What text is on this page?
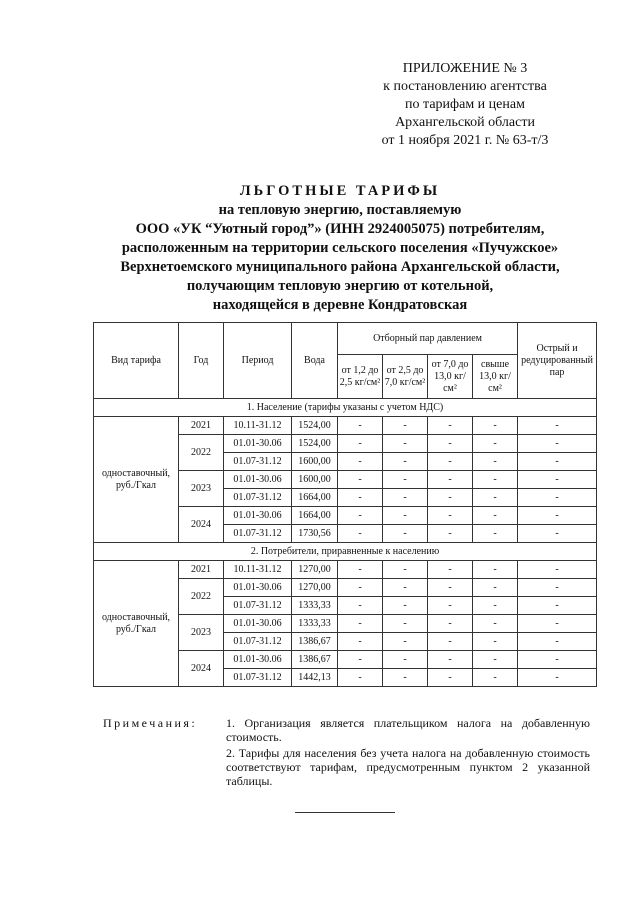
ПРИЛОЖЕНИЕ № 3
к постановлению агентства
по тарифам и ценам
Архангельской области
от 1 ноября 2021 г. № 63-т/3
ЛЬГОТНЫЕ ТАРИФЫ
на тепловую энергию, поставляемую
ООО «УК “Уютный город”» (ИНН 2924005075) потребителям,
расположенным на территории сельского поселения «Пучужское»
Верхнетоемского муниципального района Архангельской области,
получающим тепловую энергию от котельной,
находящейся в деревне Кондратовская
Вид тарифа	Год	Период	Вода	Отборный пар давлением				Острый и редуцированный пар
				от 1,2 до 2,5 кг/см²	от 2,5 до 7,0 кг/см²	от 7,0 до 13,0 кг/см²	свыше 13,0 кг/см²	
1. Население (тарифы указаны с учетом НДС)								
одноставочный, руб./Гкал	2021	10.11-31.12	1524,00	-	-	-	-	-
	2022	01.01-30.06	1524,00	-	-	-	-	-
		01.07-31.12	1600,00	-	-	-	-	-
	2023	01.01-30.06	1600,00	-	-	-	-	-
		01.07-31.12	1664,00	-	-	-	-	-
	2024	01.01-30.06	1664,00	-	-	-	-	-
		01.07-31.12	1730,56	-	-	-	-	-
2. Потребители, приравненные к населению								
одноставочный, руб./Гкал	2021	10.11-31.12	1270,00	-	-	-	-	-
	2022	01.01-30.06	1270,00	-	-	-	-	-
		01.07-31.12	1333,33	-	-	-	-	-
	2023	01.01-30.06	1333,33	-	-	-	-	-
		01.07-31.12	1386,67	-	-	-	-	-
	2024	01.01-30.06	1386,67	-	-	-	-	-
		01.07-31.12	1442,13	-	-	-	-	-
Примечания: 1. Организация является плательщиком налога на добавленную стоимость.

2. Тарифы для населения без учета налога на добавленную стоимость соответствуют тарифам, предусмотренным пунктом 2 указанной таблицы.
